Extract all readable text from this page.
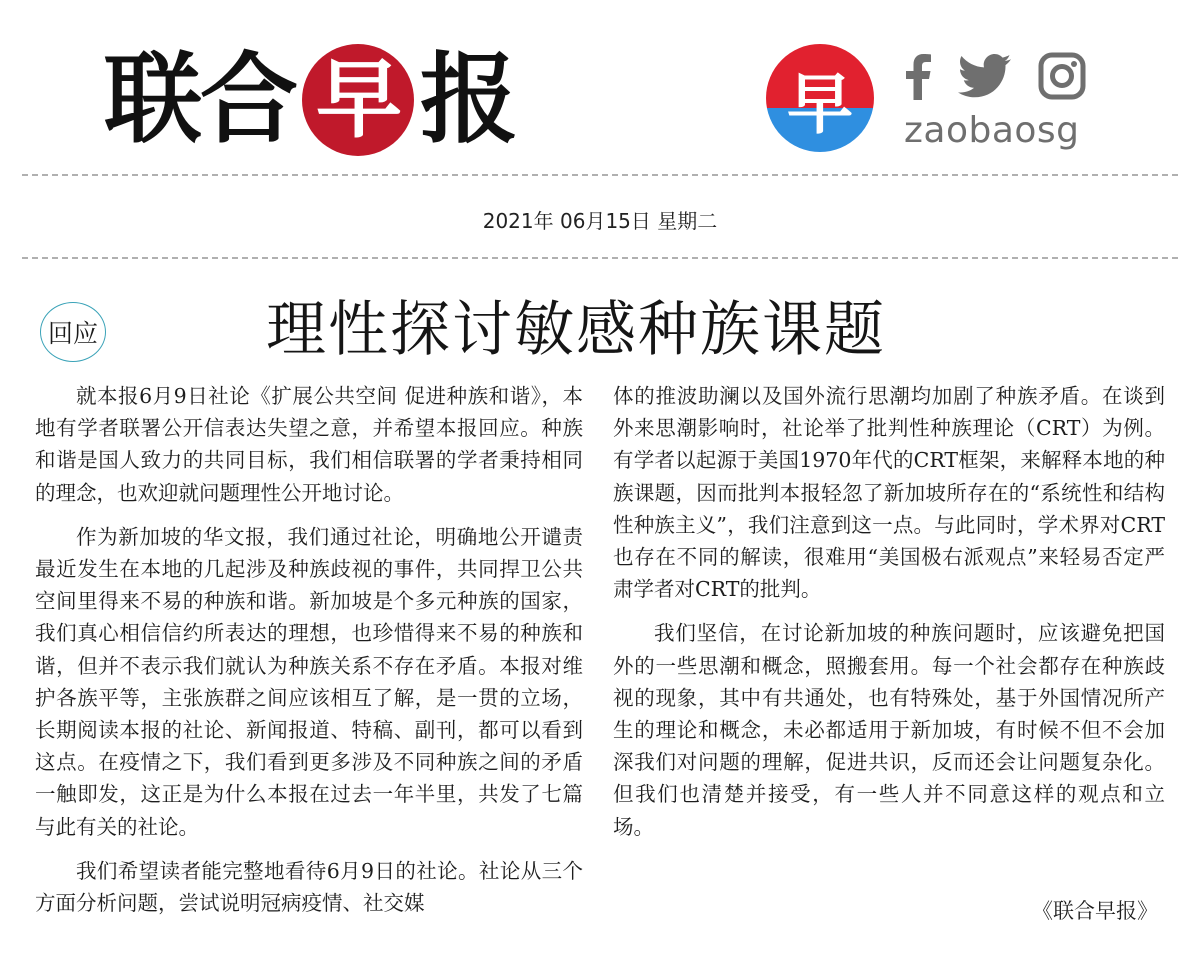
联 合 早 报	早	zaobaosg
2021年 06月15日 星期二
回应	理性探讨敏感种族课题

就本报6月9日社论《扩展公共空间 促进种族和谐》，本地有学者联署公开信表达失望之意，并希望本报回应。种族和谐是国人致力的共同目标，我们相信联署的学者秉持相同的理念，也欢迎就问题理性公开地讨论。

作为新加坡的华文报，我们通过社论，明确地公开谴责最近发生在本地的几起涉及种族歧视的事件，共同捍卫公共空间里得来不易的种族和谐。新加坡是个多元种族的国家，我们真心相信信约所表达的理想，也珍惜得来不易的种族和谐，但并不表示我们就认为种族关系不存在矛盾。本报对维护各族平等，主张族群之间应该相互了解，是一贯的立场，长期阅读本报的社论、新闻报道、特稿、副刊，都可以看到这点。在疫情之下，我们看到更多涉及不同种族之间的矛盾一触即发，这正是为什么本报在过去一年半里，共发了七篇与此有关的社论。

我们希望读者能完整地看待6月9日的社论。社论从三个方面分析问题，尝试说明冠病疫情、社交媒

体的推波助澜以及国外流行思潮均加剧了种族矛盾。在谈到外来思潮影响时，社论举了批判性种族理论（CRT）为例。有学者以起源于美国1970年代的CRT框架，来解释本地的种族课题，因而批判本报轻忽了新加坡所存在的“系统性和结构性种族主义”，我们注意到这一点。与此同时，学术界对CRT也存在不同的解读，很难用“美国极右派观点”来轻易否定严肃学者对CRT的批判。

我们坚信，在讨论新加坡的种族问题时，应该避免把国外的一些思潮和概念，照搬套用。每一个社会都存在种族歧视的现象，其中有共通处，也有特殊处，基于外国情况所产生的理论和概念，未必都适用于新加坡，有时候不但不会加深我们对问题的理解，促进共识，反而还会让问题复杂化。但我们也清楚并接受，有一些人并不同意这样的观点和立场。

《联合早报》
